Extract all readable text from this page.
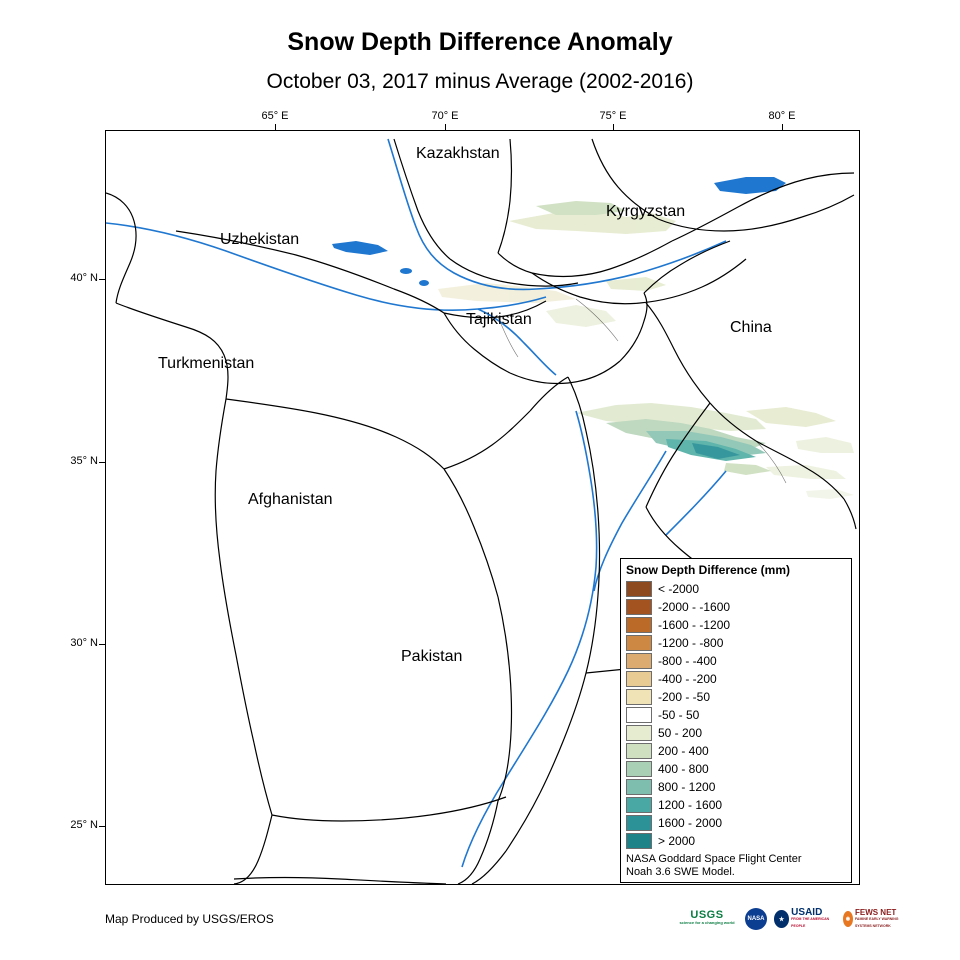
Snow Depth Difference Anomaly
October 03, 2017 minus Average (2002-2016)
65° E	70° E	75° E	80° E
40° N
35° N
30° N
25° N
Kazakhstan
Kyrgyzstan
Uzbekistan
Tajikistan	China
Turkmenistan
Afghanistan
Pakistan
Snow Depth Difference (mm)
< -2000
-2000 - -1600
-1600 - -1200
-1200 - -800
-800 - -400
-400 - -200
-200 - -50
-50 - 50
50 - 200
200 - 400
400 - 800
800 - 1200
1200 - 1600
1600 - 2000
> 2000
NASA Goddard Space Flight Center
Noah 3.6 SWE Model.
Map Produced by USGS/EROS	USGS
science for a changing world
NASA	★
USAID
FROM THE AMERICAN PEOPLE
◉
FEWS NET
FAMINE EARLY WARNING SYSTEMS NETWORK
